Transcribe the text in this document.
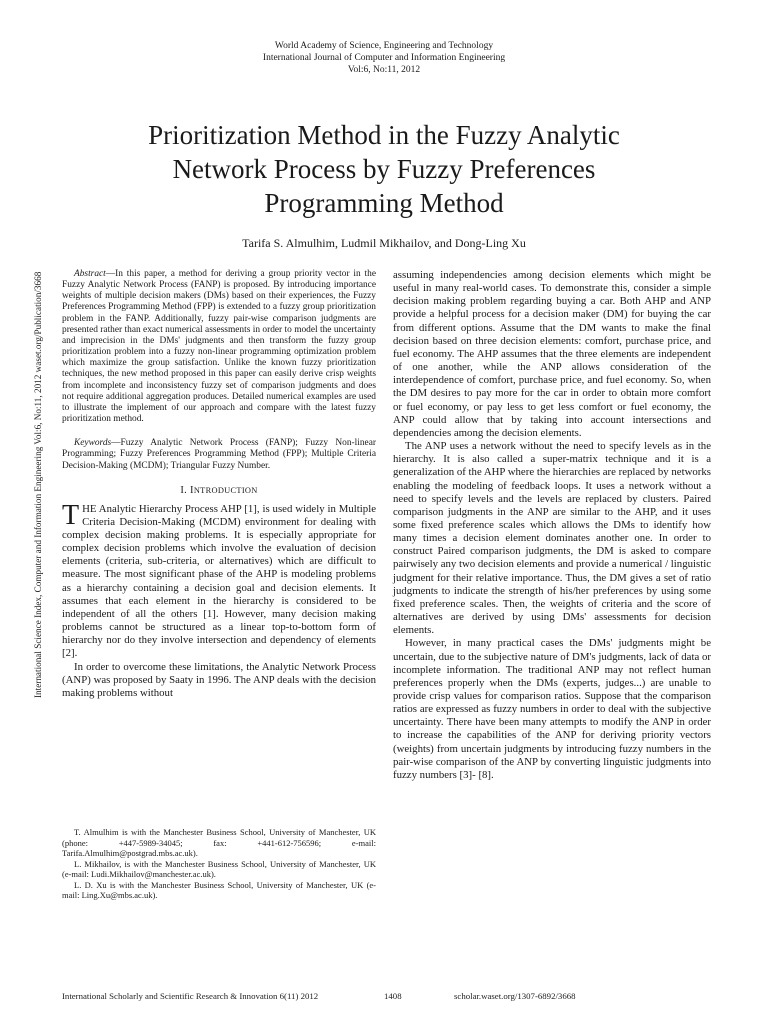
World Academy of Science, Engineering and Technology
International Journal of Computer and Information Engineering
Vol:6, No:11, 2012
Prioritization Method in the Fuzzy Analytic
Network Process by Fuzzy Preferences
Programming Method
Tarifa S. Almulhim, Ludmil Mikhailov, and Dong-Ling Xu
International Science Index, Computer and Information Engineering Vol:6, No:11, 2012 waset.org/Publication/3668	Abstract—In this paper, a method for deriving a group priority vector in the Fuzzy Analytic Network Process (FANP) is proposed. By introducing importance weights of multiple decision makers (DMs) based on their experiences, the Fuzzy Preferences Programming Method (FPP) is extended to a fuzzy group prioritization problem in the FANP. Additionally, fuzzy pair-wise comparison judgments are presented rather than exact numerical assessments in order to model the uncertainty and imprecision in the DMs' judgments and then transform the fuzzy group prioritization problem into a fuzzy non-linear programming optimization problem which maximize the group satisfaction. Unlike the known fuzzy prioritization techniques, the new method proposed in this paper can easily derive crisp weights from incomplete and inconsistency fuzzy set of comparison judgments and does not require additional aggregation produces. Detailed numerical examples are used to illustrate the implement of our approach and compare with the latest fuzzy prioritization method.

Keywords—Fuzzy Analytic Network Process (FANP); Fuzzy Non-linear Programming; Fuzzy Preferences Programming Method (FPP); Multiple Criteria Decision-Making (MCDM); Triangular Fuzzy Number.

I. INTRODUCTION

THE Analytic Hierarchy Process AHP [1], is used widely in Multiple Criteria Decision-Making (MCDM) environment for dealing with complex decision making problems. It is especially appropriate for complex decision problems which involve the evaluation of decision elements (criteria, sub-criteria, or alternatives) which are difficult to measure. The most significant phase of the AHP is modeling problems as a hierarchy containing a decision goal and decision elements. It assumes that each element in the hierarchy is considered to be independent of all the others [1]. However, many decision making problems cannot be structured as a linear top-to-bottom form of hierarchy nor do they involve intersection and dependency of elements [2].

In order to overcome these limitations, the Analytic Network Process (ANP) was proposed by Saaty in 1996. The ANP deals with the decision making problems without

T. Almulhim is with the Manchester Business School, University of Manchester, UK (phone: +447-5989-34045; fax: +441-612-756596; e-mail: Tarifa.Almulhim@postgrad.mbs.ac.uk).

L. Mikhailov, is with the Manchester Business School, University of Manchester, UK (e-mail: Ludi.Mikhailov@manchester.ac.uk).

L. D. Xu is with the Manchester Business School, University of Manchester, UK (e-mail: Ling.Xu@mbs.ac.uk).

assuming independencies among decision elements which might be useful in many real-world cases. To demonstrate this, consider a simple decision making problem regarding buying a car. Both AHP and ANP provide a helpful process for a decision maker (DM) for buying the car from different options. Assume that the DM wants to make the final decision based on three decision elements: comfort, purchase price, and fuel economy. The AHP assumes that the three elements are independent of one another, while the ANP allows consideration of the interdependence of comfort, purchase price, and fuel economy. So, when the DM desires to pay more for the car in order to obtain more comfort or fuel economy, or pay less to get less comfort or fuel economy, the ANP could allow that by taking into account intersections and dependencies among the decision elements.

The ANP uses a network without the need to specify levels as in the hierarchy. It is also called a super-matrix technique and it is a generalization of the AHP where the hierarchies are replaced by networks enabling the modeling of feedback loops. It uses a network without a need to specify levels and the levels are replaced by clusters. Paired comparison judgments in the ANP are similar to the AHP, and it uses some fixed preference scales which allows the DMs to identify how many times a decision element dominates another one. In order to construct Paired comparison judgments, the DM is asked to compare pairwisely any two decision elements and provide a numerical / linguistic judgment for their relative importance. Thus, the DM gives a set of ratio judgments to indicate the strength of his/her preferences by using some fixed preference scales. Then, the weights of criteria and the score of alternatives are derived by using DMs' assessments for decision elements.

However, in many practical cases the DMs' judgments might be uncertain, due to the subjective nature of DM's judgments, lack of data or incomplete information. The traditional ANP may not reflect human preferences properly when the DMs (experts, judges...) are unable to provide crisp values for comparison ratios. Suppose that the comparison ratios are expressed as fuzzy numbers in order to deal with the subjective uncertainty. There have been many attempts to modify the ANP in order to increase the capabilities of the ANP for deriving priority vectors (weights) from uncertain judgments by introducing fuzzy numbers in the pair-wise comparison of the ANP by converting linguistic judgments into fuzzy numbers [3]- [8].

International Scholarly and Scientific Research & Innovation 6(11) 2012	1408	scholar.waset.org/1307-6892/3668
